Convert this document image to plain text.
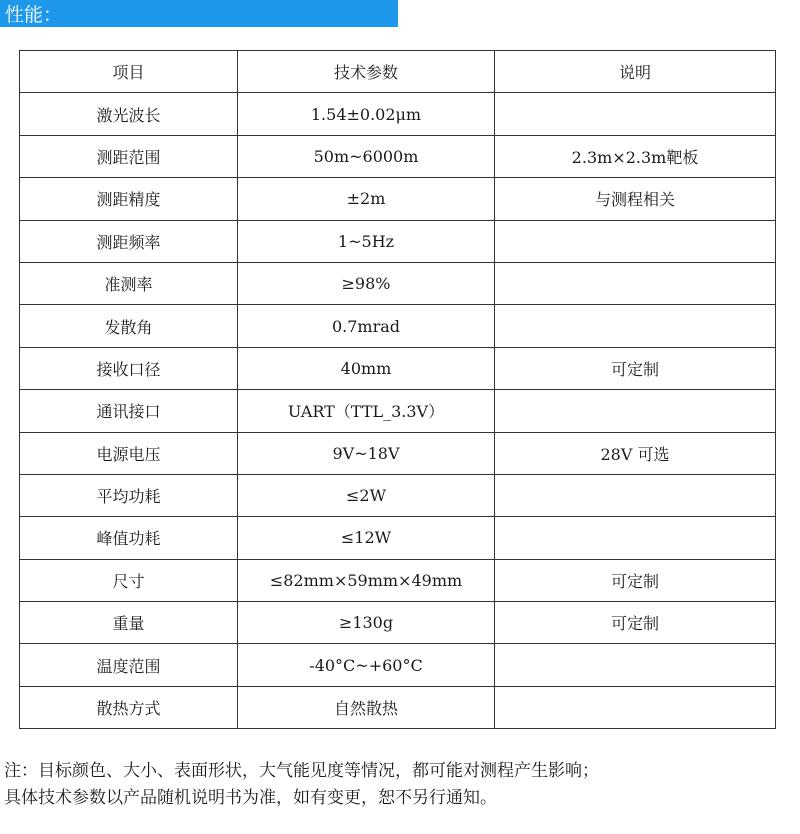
性能：
项目	技术参数	说明
激光波长	1.54±0.02μm	
测距范围	50m~6000m	2.3m×2.3m靶板
测距精度	±2m	与测程相关
测距频率	1~5Hz	
准测率	≥98%	
发散角	0.7mrad	
接收口径	40mm	可定制
通讯接口	UART（TTL_3.3V）	
电源电压	9V~18V	28V 可选
平均功耗	≤2W	
峰值功耗	≤12W	
尺寸	≤82mm×59mm×49mm	可定制
重量	≥130g	可定制
温度范围	-40°C~+60°C	
散热方式	自然散热	
注：目标颜色、大小、表面形状，大气能见度等情况，都可能对测程产生影响；
具体技术参数以产品随机说明书为准，如有变更，恕不另行通知。
